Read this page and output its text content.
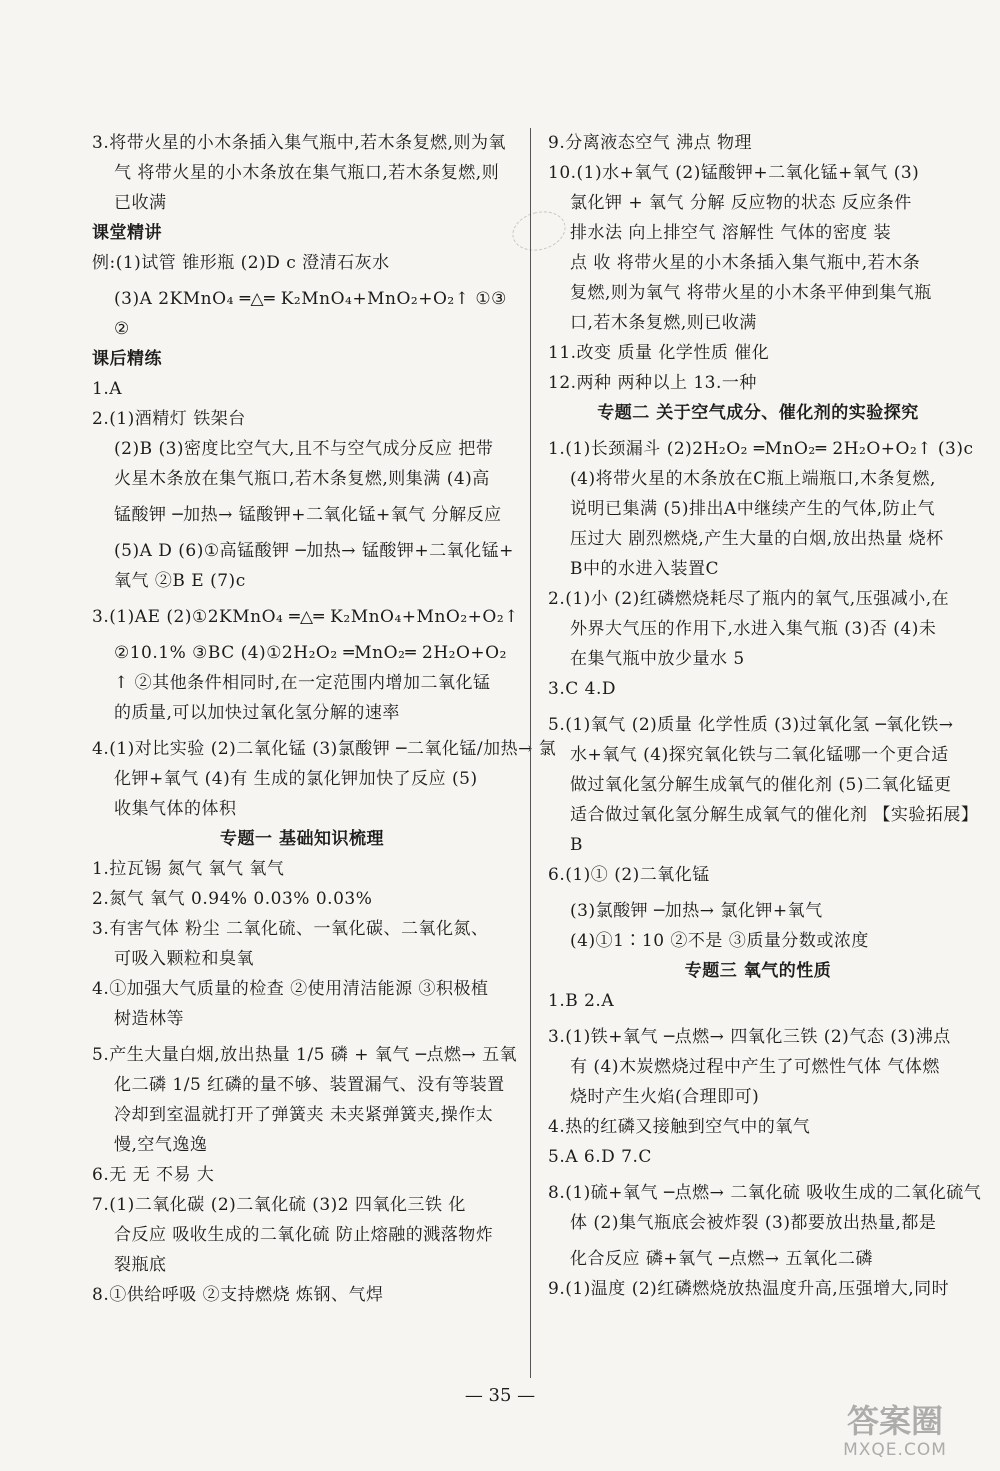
3.将带火星的小木条插入集气瓶中,若木条复燃,则为氧
气 将带火星的小木条放在集气瓶口,若木条复燃,则
已收满
课堂精讲
例:(1)试管 锥形瓶 (2)D c 澄清石灰水
(3)A 2KMnO₄ ═△═ K₂MnO₄+MnO₂+O₂↑ ①③
②
课后精练
1.A
2.(1)酒精灯 铁架台
(2)B (3)密度比空气大,且不与空气成分反应 把带
火星木条放在集气瓶口,若木条复燃,则集满 (4)高
锰酸钾 ─加热→ 锰酸钾+二氧化锰+氧气 分解反应
(5)A D (6)①高锰酸钾 ─加热→ 锰酸钾+二氧化锰+
氧气 ②B E (7)c
3.(1)AE (2)①2KMnO₄ ═△═ K₂MnO₄+MnO₂+O₂↑
②10.1% ③BC (4)①2H₂O₂ ═MnO₂═ 2H₂O+O₂
↑ ②其他条件相同时,在一定范围内增加二氧化锰
的质量,可以加快过氧化氢分解的速率
4.(1)对比实验 (2)二氧化锰 (3)氯酸钾 ─二氧化锰/加热→ 氯
化钾+氧气 (4)有 生成的氯化钾加快了反应 (5)
收集气体的体积
专题一 基础知识梳理
1.拉瓦锡 氮气 氧气 氧气
2.氮气 氧气 0.94% 0.03% 0.03%
3.有害气体 粉尘 二氧化硫、一氧化碳、二氧化氮、
可吸入颗粒和臭氧
4.①加强大气质量的检查 ②使用清洁能源 ③积极植
树造林等
5.产生大量白烟,放出热量 1/5 磷 + 氧气 ─点燃→ 五氧
化二磷 1/5 红磷的量不够、装置漏气、没有等装置
冷却到室温就打开了弹簧夹 未夹紧弹簧夹,操作太
慢,空气逸逸
6.无 无 不易 大
7.(1)二氧化碳 (2)二氧化硫 (3)2 四氧化三铁 化
合反应 吸收生成的二氧化硫 防止熔融的溅落物炸
裂瓶底
8.①供给呼吸 ②支持燃烧 炼钢、气焊
9.分离液态空气 沸点 物理
10.(1)水+氧气 (2)锰酸钾+二氧化锰+氧气 (3)
氯化钾 + 氧气 分解 反应物的状态 反应条件
排水法 向上排空气 溶解性 气体的密度 装
点 收 将带火星的小木条插入集气瓶中,若木条
复燃,则为氧气 将带火星的小木条平伸到集气瓶
口,若木条复燃,则已收满
11.改变 质量 化学性质 催化
12.两种 两种以上 13.一种
专题二 关于空气成分、催化剂的实验探究
1.(1)长颈漏斗 (2)2H₂O₂ ═MnO₂═ 2H₂O+O₂↑ (3)c
(4)将带火星的木条放在C瓶上端瓶口,木条复燃,
说明已集满 (5)排出A中继续产生的气体,防止气
压过大 剧烈燃烧,产生大量的白烟,放出热量 烧杯
B中的水进入装置C
2.(1)小 (2)红磷燃烧耗尽了瓶内的氧气,压强减小,在
外界大气压的作用下,水进入集气瓶 (3)否 (4)未
在集气瓶中放少量水 5
3.C 4.D
5.(1)氧气 (2)质量 化学性质 (3)过氧化氢 ─氧化铁→
水+氧气 (4)探究氧化铁与二氧化锰哪一个更合适
做过氧化氢分解生成氧气的催化剂 (5)二氧化锰更
适合做过氧化氢分解生成氧气的催化剂 【实验拓展】
B
6.(1)① (2)二氧化锰
(3)氯酸钾 ─加热→ 氯化钾+氧气
(4)①1∶10 ②不是 ③质量分数或浓度
专题三 氧气的性质
1.B 2.A
3.(1)铁+氧气 ─点燃→ 四氧化三铁 (2)气态 (3)沸点
有 (4)木炭燃烧过程中产生了可燃性气体 气体燃
烧时产生火焰(合理即可)
4.热的红磷又接触到空气中的氧气
5.A 6.D 7.C
8.(1)硫+氧气 ─点燃→ 二氧化硫 吸收生成的二氧化硫气
体 (2)集气瓶底会被炸裂 (3)都要放出热量,都是
化合反应 磷+氧气 ─点燃→ 五氧化二磷
9.(1)温度 (2)红磷燃烧放热温度升高,压强增大,同时
— 35 —
答案圈
MXQE.COM
